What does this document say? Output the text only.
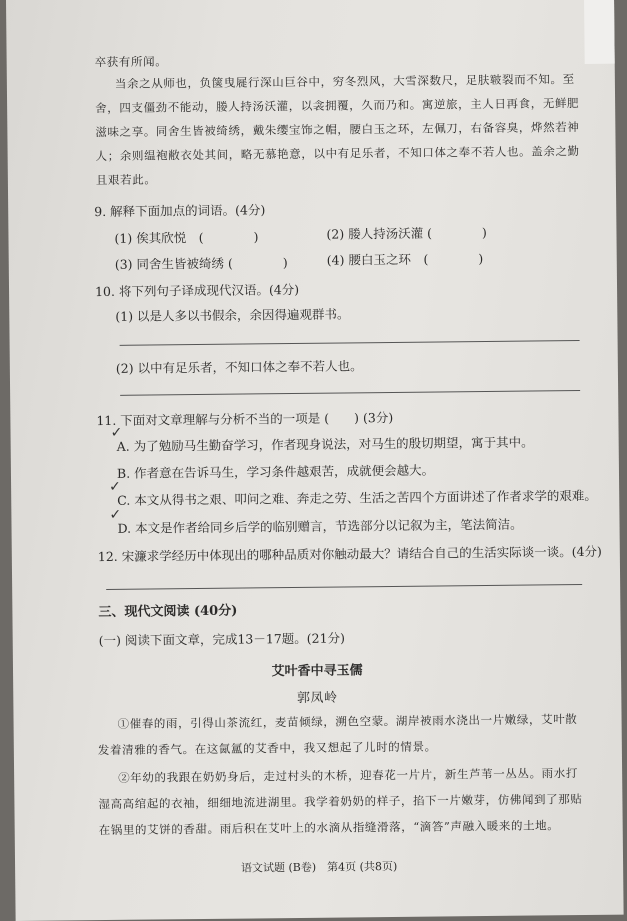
卒获有所闻。
当余之从师也，负箧曳屣行深山巨谷中，穷冬烈风，大雪深数尺，足肤皲裂而不知。至
舍，四支僵劲不能动，媵人持汤沃灌，以衾拥覆，久而乃和。寓逆旅，主人日再食，无鲜肥
滋味之享。同舍生皆被绮绣，戴朱缨宝饰之帽，腰白玉之环，左佩刀，右备容臭，烨然若神
人；余则缊袍敝衣处其间，略无慕艳意，以中有足乐者，不知口体之奉不若人也。盖余之勤
且艰若此。
9. 解释下面加点的词语。(4分)
(1) 俟其欣悦　(　　　　)	(2) 媵人持汤沃灌 (　　　　)
(3) 同舍生皆被绮绣 (　　　　)	(4) 腰白玉之环　(　　　　)
10. 将下列句子译成现代汉语。(4分)
(1) 以是人多以书假余，余因得遍观群书。
(2) 以中有足乐者，不知口体之奉不若人也。
11. 下面对文章理解与分析不当的一项是 (　　) (3分)
✓
A. 为了勉励马生勤奋学习，作者现身说法，对马生的殷切期望，寓于其中。
B. 作者意在告诉马生，学习条件越艰苦，成就便会越大。
✓
C. 本文从得书之艰、叩问之难、奔走之劳、生活之苦四个方面讲述了作者求学的艰难。
✓
D. 本文是作者给同乡后学的临别赠言，节选部分以记叙为主，笔法简洁。
12. 宋濂求学经历中体现出的哪种品质对你触动最大？请结合自己的生活实际谈一谈。(4分)
三、现代文阅读 (40分)
(一) 阅读下面文章，完成13－17题。(21分)
艾叶香中寻玉儒
郭凤岭
①催春的雨，引得山茶流红，麦苗倾绿，溯色空蒙。湖岸被雨水浇出一片嫩绿，艾叶散
发着清雅的香气。在这氤氲的艾香中，我又想起了儿时的情景。
②年幼的我跟在奶奶身后，走过村头的木桥，迎春花一片片，新生芦苇一丛丛。雨水打
湿高高绾起的衣袖，细细地流进湖里。我学着奶奶的样子，掐下一片嫩芽，仿佛闻到了那贴
在锅里的艾饼的香甜。雨后积在艾叶上的水滴从指缝滑落，“滴答”声融入暖来的土地。
语文试题 (B卷)　第4页 (共8页)
